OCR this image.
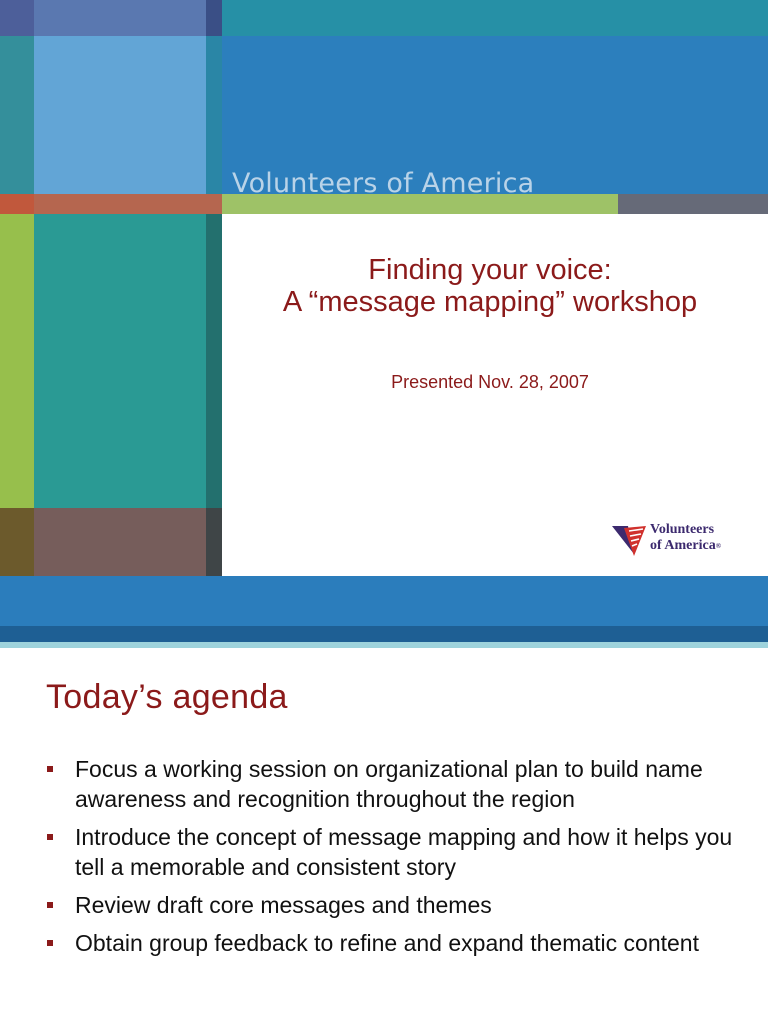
Volunteers of America
Finding your voice:
A “message mapping” workshop
Presented Nov. 28, 2007
Volunteers
of America®
Today’s agenda
Focus a working session on organizational plan to build name awareness and recognition throughout the region
Introduce the concept of message mapping and how it helps you tell a memorable and consistent story
Review draft core messages and themes
Obtain group feedback to refine and expand thematic content
